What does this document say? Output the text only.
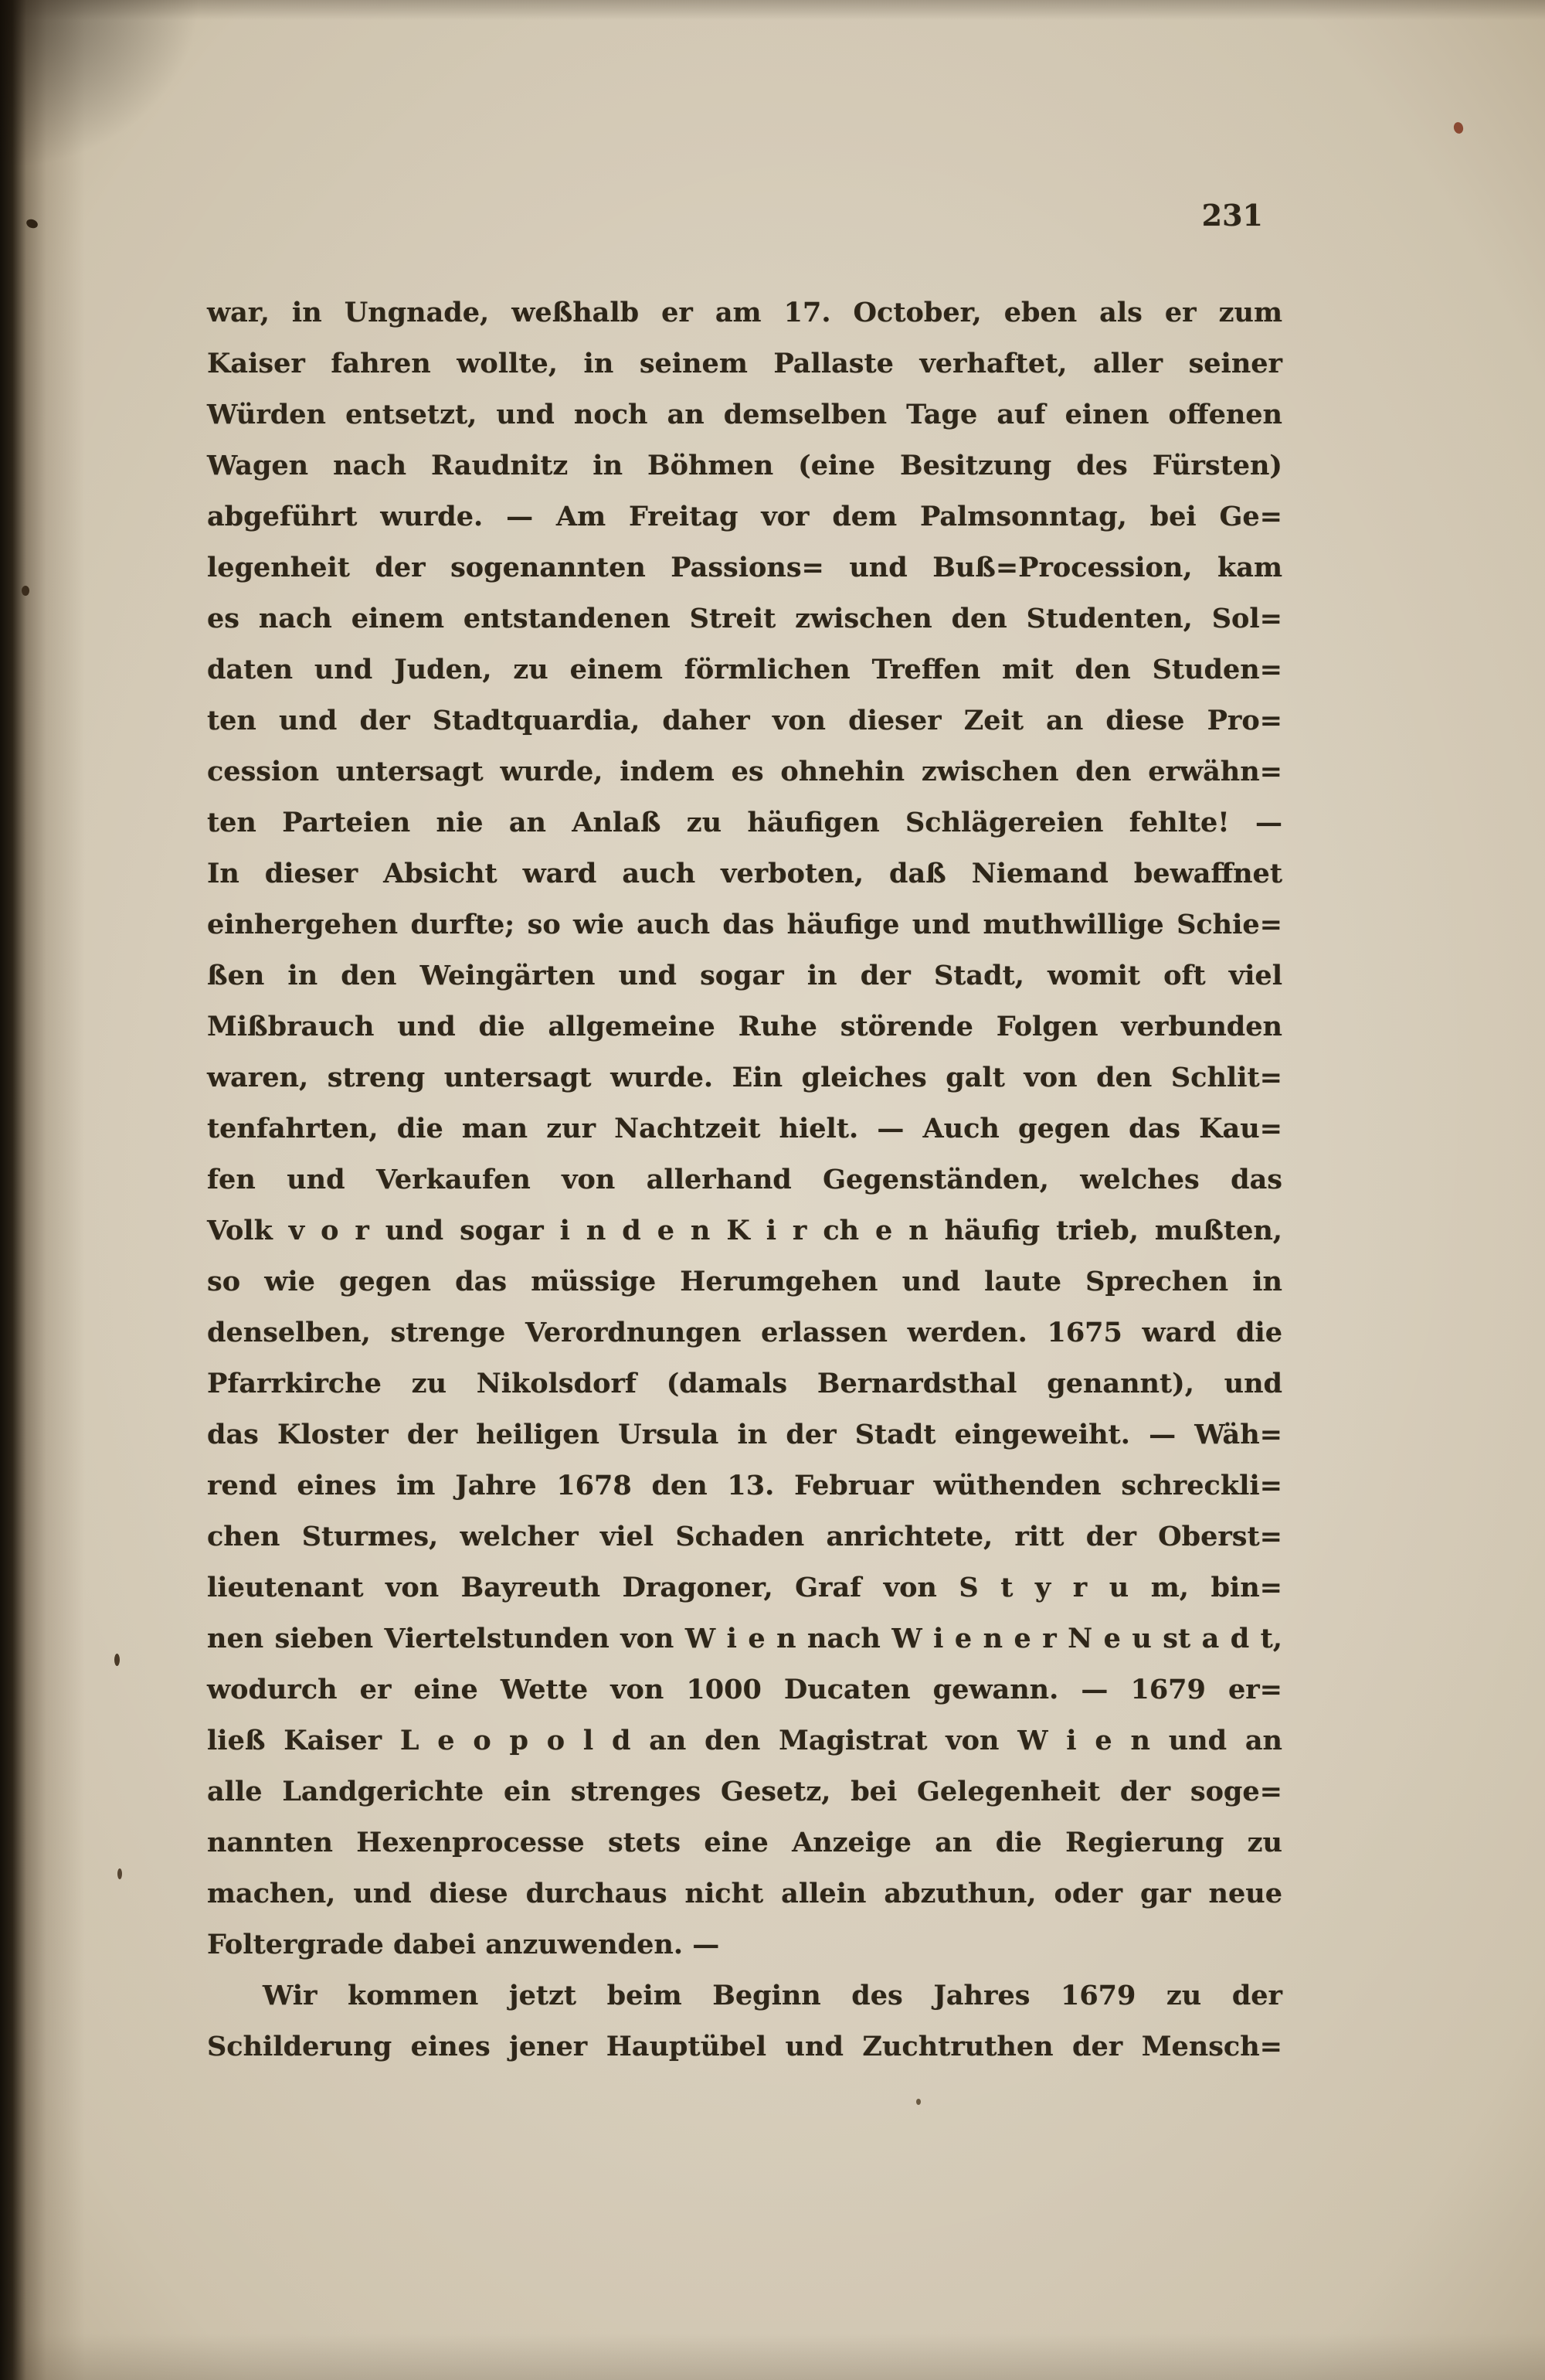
231
war, in Ungnade, weßhalb er am 17. October, eben als er zum
Kaiser fahren wollte, in seinem Pallaste verhaftet, aller seiner
Würden entsetzt, und noch an demselben Tage auf einen offenen
Wagen nach Raudnitz in Böhmen (eine Besitzung des Fürsten)
abgeführt wurde. — Am Freitag vor dem Palmsonntag, bei Ge=
legenheit der sogenannten Passions= und Buß=Procession, kam
es nach einem entstandenen Streit zwischen den Studenten, Sol=
daten und Juden, zu einem förmlichen Treffen mit den Studen=
ten und der Stadtquardia, daher von dieser Zeit an diese Pro=
cession untersagt wurde, indem es ohnehin zwischen den erwähn=
ten Parteien nie an Anlaß zu häufigen Schlägereien fehlte! —
In dieser Absicht ward auch verboten, daß Niemand bewaffnet
einhergehen durfte; so wie auch das häufige und muthwillige Schie=
ßen in den Weingärten und sogar in der Stadt, womit oft viel
Mißbrauch und die allgemeine Ruhe störende Folgen verbunden
waren, streng untersagt wurde. Ein gleiches galt von den Schlit=
tenfahrten, die man zur Nachtzeit hielt. — Auch gegen das Kau=
fen und Verkaufen von allerhand Gegenständen, welches das
Volk v o r und sogar i n d e n K i r ch e n häufig trieb, mußten,
so wie gegen das müssige Herumgehen und laute Sprechen in
denselben, strenge Verordnungen erlassen werden. 1675 ward die
Pfarrkirche zu Nikolsdorf (damals Bernardsthal genannt), und
das Kloster der heiligen Ursula in der Stadt eingeweiht. — Wäh=
rend eines im Jahre 1678 den 13. Februar wüthenden schreckli=
chen Sturmes, welcher viel Schaden anrichtete, ritt der Oberst=
lieutenant von Bayreuth Dragoner, Graf von S t y r u m, bin=
nen sieben Viertelstunden von W i e n nach W i e n e r N e u st a d t,
wodurch er eine Wette von 1000 Ducaten gewann. — 1679 er=
ließ Kaiser L e o p o l d an den Magistrat von W i e n und an
alle Landgerichte ein strenges Gesetz, bei Gelegenheit der soge=
nannten Hexenprocesse stets eine Anzeige an die Regierung zu
machen, und diese durchaus nicht allein abzuthun, oder gar neue
Foltergrade dabei anzuwenden. —
Wir kommen jetzt beim Beginn des Jahres 1679 zu der
Schilderung eines jener Hauptübel und Zuchtruthen der Mensch=
